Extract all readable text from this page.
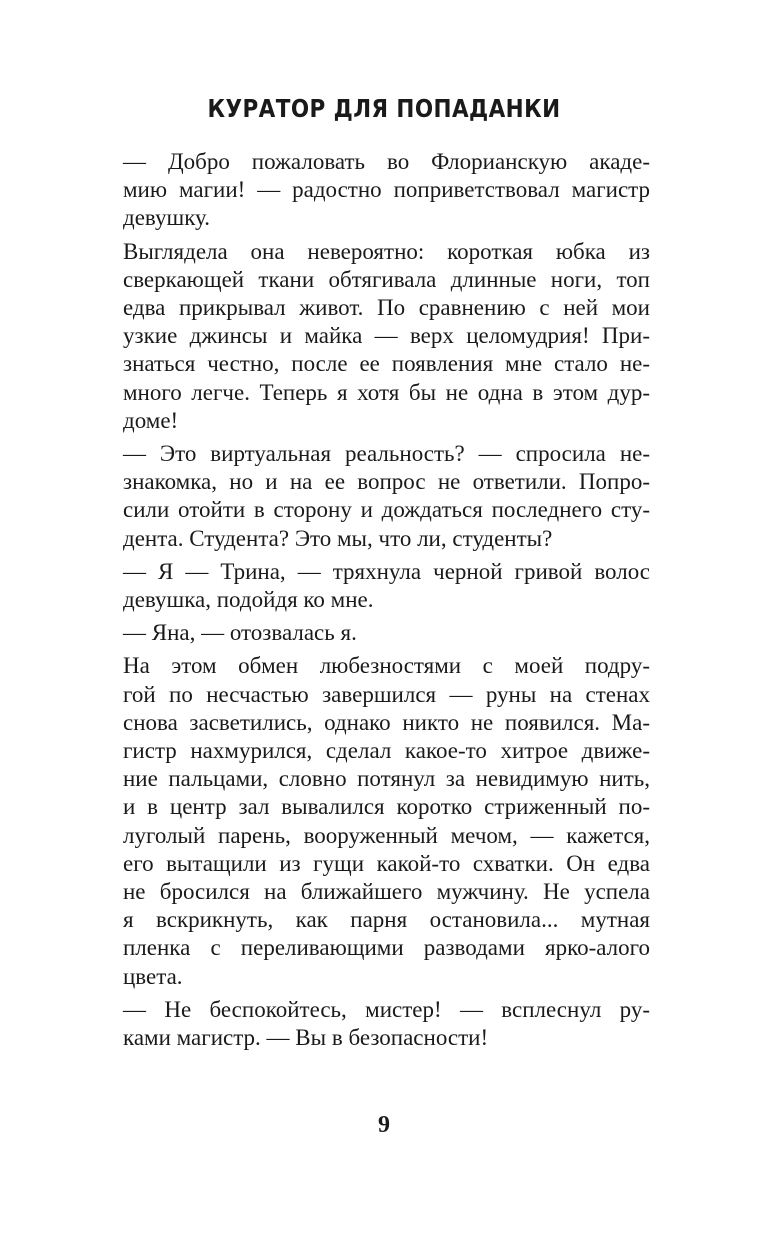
КУРАТОР ДЛЯ ПОПАДАНКИ
— Добро пожаловать во Флорианскую акаде-
мию магии! — радостно поприветствовал магистр
девушку.
Выглядела она невероятно: короткая юбка из
сверкающей ткани обтягивала длинные ноги, топ
едва прикрывал живот. По сравнению с ней мои
узкие джинсы и майка — верх целомудрия! При-
знаться честно, после ее появления мне стало не-
много легче. Теперь я хотя бы не одна в этом дур-
доме!
— Это виртуальная реальность? — спросила не-
знакомка, но и на ее вопрос не ответили. Попро-
сили отойти в сторону и дождаться последнего сту-
дента. Студента? Это мы, что ли, студенты?
— Я — Трина, — тряхнула черной гривой волос
девушка, подойдя ко мне.
— Яна, — отозвалась я.
На этом обмен любезностями с моей подру-
гой по несчастью завершился — руны на стенах
снова засветились, однако никто не появился. Ма-
гистр нахмурился, сделал какое-то хитрое движе-
ние пальцами, словно потянул за невидимую нить,
и в центр зал вывалился коротко стриженный по-
луголый парень, вооруженный мечом, — кажется,
его вытащили из гущи какой-то схватки. Он едва
не бросился на ближайшего мужчину. Не успела
я вскрикнуть, как парня остановила... мутная
пленка с переливающими разводами ярко-алого
цвета.
— Не беспокойтесь, мистер! — всплеснул ру-
ками магистр. — Вы в безопасности!
9
